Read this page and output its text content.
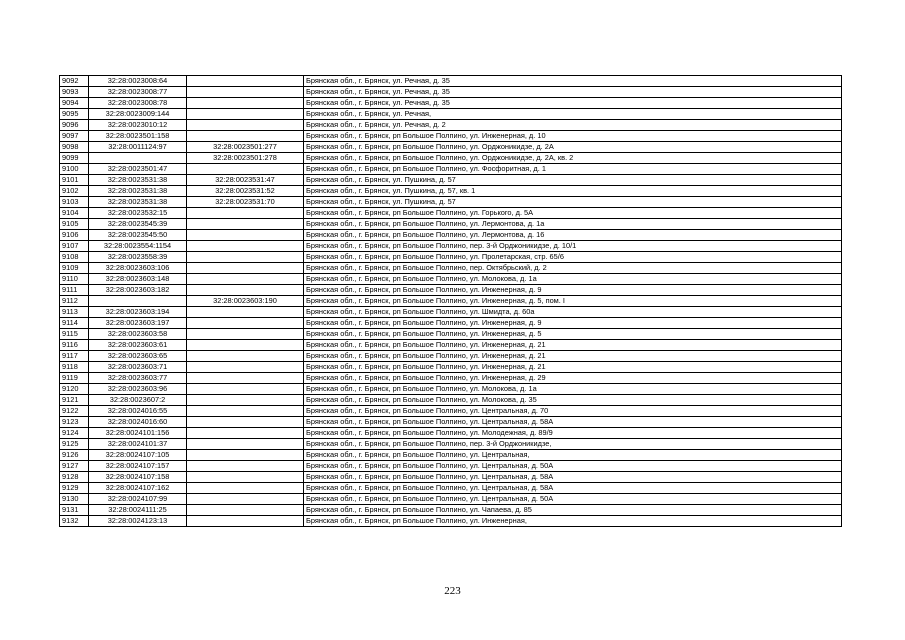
9092	32:28:0023008:64		Брянская обл., г. Брянск, ул. Речная, д. 35
9093	32:28:0023008:77		Брянская обл., г. Брянск, ул. Речная, д. 35
9094	32:28:0023008:78		Брянская обл., г. Брянск, ул. Речная, д. 35
9095	32:28:0023009:144		Брянская обл., г. Брянск, ул. Речная,
9096	32:28:0023010:12		Брянская обл., г. Брянск, ул. Речная, д. 2
9097	32:28:0023501:158		Брянская обл., г. Брянск, рп Большое Полпино, ул. Инженерная, д. 10
9098	32:28:0011124:97	32:28:0023501:277	Брянская обл., г. Брянск, рп Большое Полпино, ул. Орджоникидзе, д. 2А
9099		32:28:0023501:278	Брянская обл., г. Брянск, рп Большое Полпино, ул. Орджоникидзе, д. 2А, кв. 2
9100	32:28:0023501:47		Брянская обл., г. Брянск, рп Большое Полпино, ул. Фосфоритная, д. 1
9101	32:28:0023531:38	32:28:0023531:47	Брянская обл., г. Брянск, ул. Пушкина, д. 57
9102	32:28:0023531:38	32:28:0023531:52	Брянская обл., г. Брянск, ул. Пушкина, д. 57, кв. 1
9103	32:28:0023531:38	32:28:0023531:70	Брянская обл., г. Брянск, ул. Пушкина, д. 57
9104	32:28:0023532:15		Брянская обл., г. Брянск, рп Большое Полпино, ул. Горького, д. 5А
9105	32:28:0023545:39		Брянская обл., г. Брянск, рп Большое Полпино, ул. Лермонтова, д. 1а
9106	32:28:0023545:50		Брянская обл., г. Брянск, рп Большое Полпино, ул. Лермонтова, д. 16
9107	32:28:0023554:1154		Брянская обл., г. Брянск, рп Большое Полпино, пер. 3-й Орджоникидзе, д. 10/1
9108	32:28:0023558:39		Брянская обл., г. Брянск, рп Большое Полпино, ул. Пролетарская, стр. 65/6
9109	32:28:0023603:106		Брянская обл., г. Брянск, рп Большое Полпино, пер. Октябрьский, д. 2
9110	32:28:0023603:148		Брянская обл., г. Брянск, рп Большое Полпино, ул. Молокова, д. 1а
9111	32:28:0023603:182		Брянская обл., г. Брянск, рп Большое Полпино, ул. Инженерная, д. 9
9112		32:28:0023603:190	Брянская обл., г. Брянск, рп Большое Полпино, ул. Инженерная, д. 5, пом. I
9113	32:28:0023603:194		Брянская обл., г. Брянск, рп Большое Полпино, ул. Шмидта, д. 60а
9114	32:28:0023603:197		Брянская обл., г. Брянск, рп Большое Полпино, ул. Инженерная, д. 9
9115	32:28:0023603:58		Брянская обл., г. Брянск, рп Большое Полпино, ул. Инженерная, д. 5
9116	32:28:0023603:61		Брянская обл., г. Брянск, рп Большое Полпино, ул. Инженерная, д. 21
9117	32:28:0023603:65		Брянская обл., г. Брянск, рп Большое Полпино, ул. Инженерная, д. 21
9118	32:28:0023603:71		Брянская обл., г. Брянск, рп Большое Полпино, ул. Инженерная, д. 21
9119	32:28:0023603:77		Брянская обл., г. Брянск, рп Большое Полпино, ул. Инженерная, д. 29
9120	32:28:0023603:96		Брянская обл., г. Брянск, рп Большое Полпино, ул. Молокова, д. 1а
9121	32:28:0023607:2		Брянская обл., г. Брянск, рп Большое Полпино, ул. Молокова, д. 35
9122	32:28:0024016:55		Брянская обл., г. Брянск, рп Большое Полпино, ул. Центральная, д. 70
9123	32:28:0024016:60		Брянская обл., г. Брянск, рп Большое Полпино, ул. Центральная, д. 58А
9124	32:28:0024101:156		Брянская обл., г. Брянск, рп Большое Полпино, ул. Молодежная, д. 89/9
9125	32:28:0024101:37		Брянская обл., г. Брянск, рп Большое Полпино, пер. 3-й Орджоникидзе,
9126	32:28:0024107:105		Брянская обл., г. Брянск, рп Большое Полпино, ул. Центральная,
9127	32:28:0024107:157		Брянская обл., г. Брянск, рп Большое Полпино, ул. Центральная, д. 50А
9128	32:28:0024107:158		Брянская обл., г. Брянск, рп Большое Полпино, ул. Центральная, д. 58А
9129	32:28:0024107:162		Брянская обл., г. Брянск, рп Большое Полпино, ул. Центральная, д. 58А
9130	32:28:0024107:99		Брянская обл., г. Брянск, рп Большое Полпино, ул. Центральная, д. 50А
9131	32:28:0024111:25		Брянская обл., г. Брянск, рп Большое Полпино, ул. Чапаева, д. 85
9132	32:28:0024123:13		Брянская обл., г. Брянск, рп Большое Полпино, ул. Инженерная,
223
